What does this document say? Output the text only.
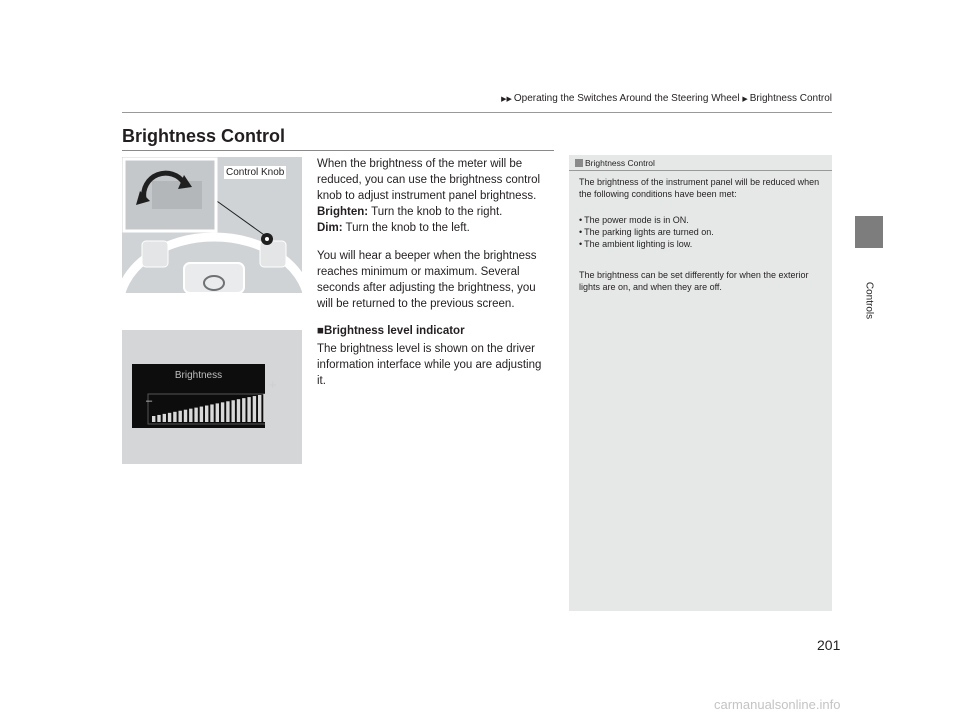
▶▶ Operating the Switches Around the Steering Wheel ▶ Brightness Control
Brightness Control
Controls
Control Knob
When the brightness of the meter will be reduced, you can use the brightness control knob to adjust instrument panel brightness.
Brighten: Turn the knob to the right.
Dim: Turn the knob to the left.
You will hear a beeper when the brightness reaches minimum or maximum. Several seconds after adjusting the brightness, you will be returned to the previous screen.
■Brightness level indicator
The brightness level is shown on the driver information interface while you are adjusting it.
Brightness
–
+
Brightness Control
The brightness of the instrument panel will be reduced when the following conditions have been met:
• The power mode is in ON.
• The parking lights are turned on.
• The ambient lighting is low.
The brightness can be set differently for when the exterior lights are on, and when they are off.
201
carmanualsonline.info
